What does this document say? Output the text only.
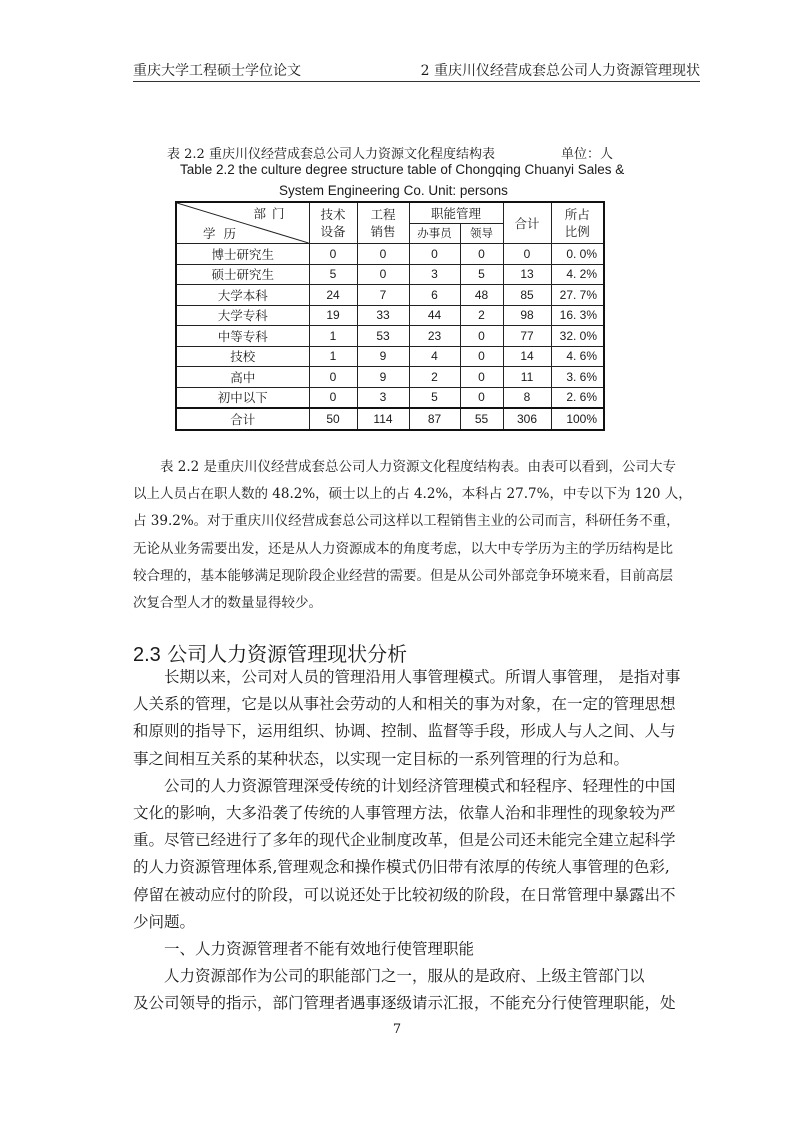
重庆大学工程硕士学位论文	2 重庆川仪经营成套总公司人力资源管理现状
表 2.2 重庆川仪经营成套总公司人力资源文化程度结构表	单位：人
Table 2.2 the culture degree structure table of Chongqing Chuanyi Sales &
System Engineering Co. Unit: persons
部门
学历	技术设备	工程销售	职能管理		合计	所占比例
			办事员	领导		
博士研究生	0	0	0	0	0	0. 0%
硕士研究生	5	0	3	5	13	4. 2%
大学本科	24	7	6	48	85	27. 7%
大学专科	19	33	44	2	98	16. 3%
中等专科	1	53	23	0	77	32. 0%
技校	1	9	4	0	14	4. 6%
高中	0	9	2	0	11	3. 6%
初中以下	0	3	5	0	8	2. 6%
合计	50	114	87	55	306	100%

表 2.2 是重庆川仪经营成套总公司人力资源文化程度结构表。由表可以看到，公司大专

以上人员占在职人数的 48.2%，硕士以上的占 4.2%，本科占 27.7%，中专以下为 120 人，

占 39.2%。对于重庆川仪经营成套总公司这样以工程销售主业的公司而言，科研任务不重，

无论从业务需要出发，还是从人力资源成本的角度考虑，以大中专学历为主的学历结构是比

较合理的，基本能够满足现阶段企业经营的需要。但是从公司外部竞争环境来看，目前高层

次复合型人才的数量显得较少。

2.3 公司人力资源管理现状分析

长期以来，公司对人员的管理沿用人事管理模式。所谓人事管理， 是指对事

人关系的管理，它是以从事社会劳动的人和相关的事为对象，在一定的管理思想

和原则的指导下，运用组织、协调、控制、监督等手段，形成人与人之间、人与

事之间相互关系的某种状态，以实现一定目标的一系列管理的行为总和。

公司的人力资源管理深受传统的计划经济管理模式和轻程序、轻理性的中国

文化的影响，大多沿袭了传统的人事管理方法，依靠人治和非理性的现象较为严

重。尽管已经进行了多年的现代企业制度改革，但是公司还未能完全建立起科学

的人力资源管理体系,管理观念和操作模式仍旧带有浓厚的传统人事管理的色彩,

停留在被动应付的阶段，可以说还处于比较初级的阶段，在日常管理中暴露出不

少问题。

一、人力资源管理者不能有效地行使管理职能

人力资源部作为公司的职能部门之一，服从的是政府、上级主管部门以

及公司领导的指示，部门管理者遇事逐级请示汇报，不能充分行使管理职能，处

7
